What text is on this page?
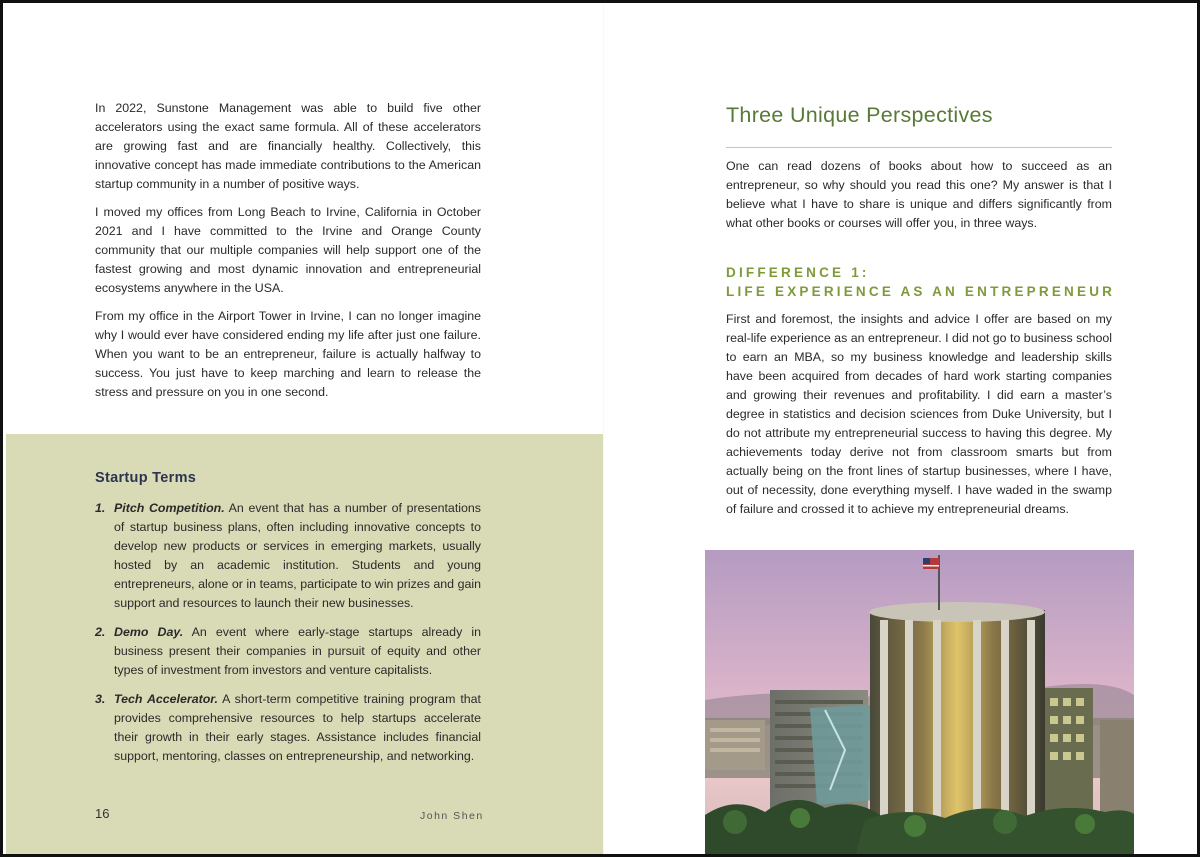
In 2022, Sunstone Management was able to build five other accelerators using the exact same formula. All of these accelerators are growing fast and are financially healthy. Collectively, this innovative concept has made immediate contributions to the American startup community in a number of positive ways.

I moved my offices from Long Beach to Irvine, California in October 2021 and I have committed to the Irvine and Orange County community that our multiple companies will help support one of the fastest growing and most dynamic innovation and entrepreneurial ecosystems anywhere in the USA.

From my office in the Airport Tower in Irvine, I can no longer imagine why I would ever have considered ending my life after just one failure. When you want to be an entrepreneur, failure is actually halfway to success. You just have to keep marching and learn to release the stress and pressure on you in one second.

Startup Terms
1. Pitch Competition. An event that has a number of presentations of startup business plans, often including innovative concepts to develop new products or services in emerging markets, usually hosted by an academic institution. Students and young entrepreneurs, alone or in teams, participate to win prizes and gain support and resources to launch their new businesses.
2. Demo Day. An event where early-stage startups already in business present their companies in pursuit of equity and other types of investment from investors and venture capitalists.
3. Tech Accelerator. A short-term competitive training program that provides comprehensive resources to help startups accelerate their growth in their early stages. Assistance includes financial support, mentoring, classes on entrepreneurship, and networking.
16	John Shen
Three Unique Perspectives
One can read dozens of books about how to succeed as an entrepreneur, so why should you read this one? My answer is that I believe what I have to share is unique and differs significantly from what other books or courses will offer you, in three ways.
DIFFERENCE 1:
LIFE EXPERIENCE AS AN ENTREPRENEUR
First and foremost, the insights and advice I offer are based on my real-life experience as an entrepreneur. I did not go to business school to earn an MBA, so my business knowledge and leadership skills have been acquired from decades of hard work starting companies and growing their revenues and profitability. I did earn a master’s degree in statistics and decision sciences from Duke University, but I do not attribute my entrepreneurial success to having this degree. My achievements today derive not from classroom smarts but from actually being on the front lines of startup businesses, where I have, out of necessity, done everything myself. I have waded in the swamp of failure and crossed it to achieve my entrepreneurial dreams.
